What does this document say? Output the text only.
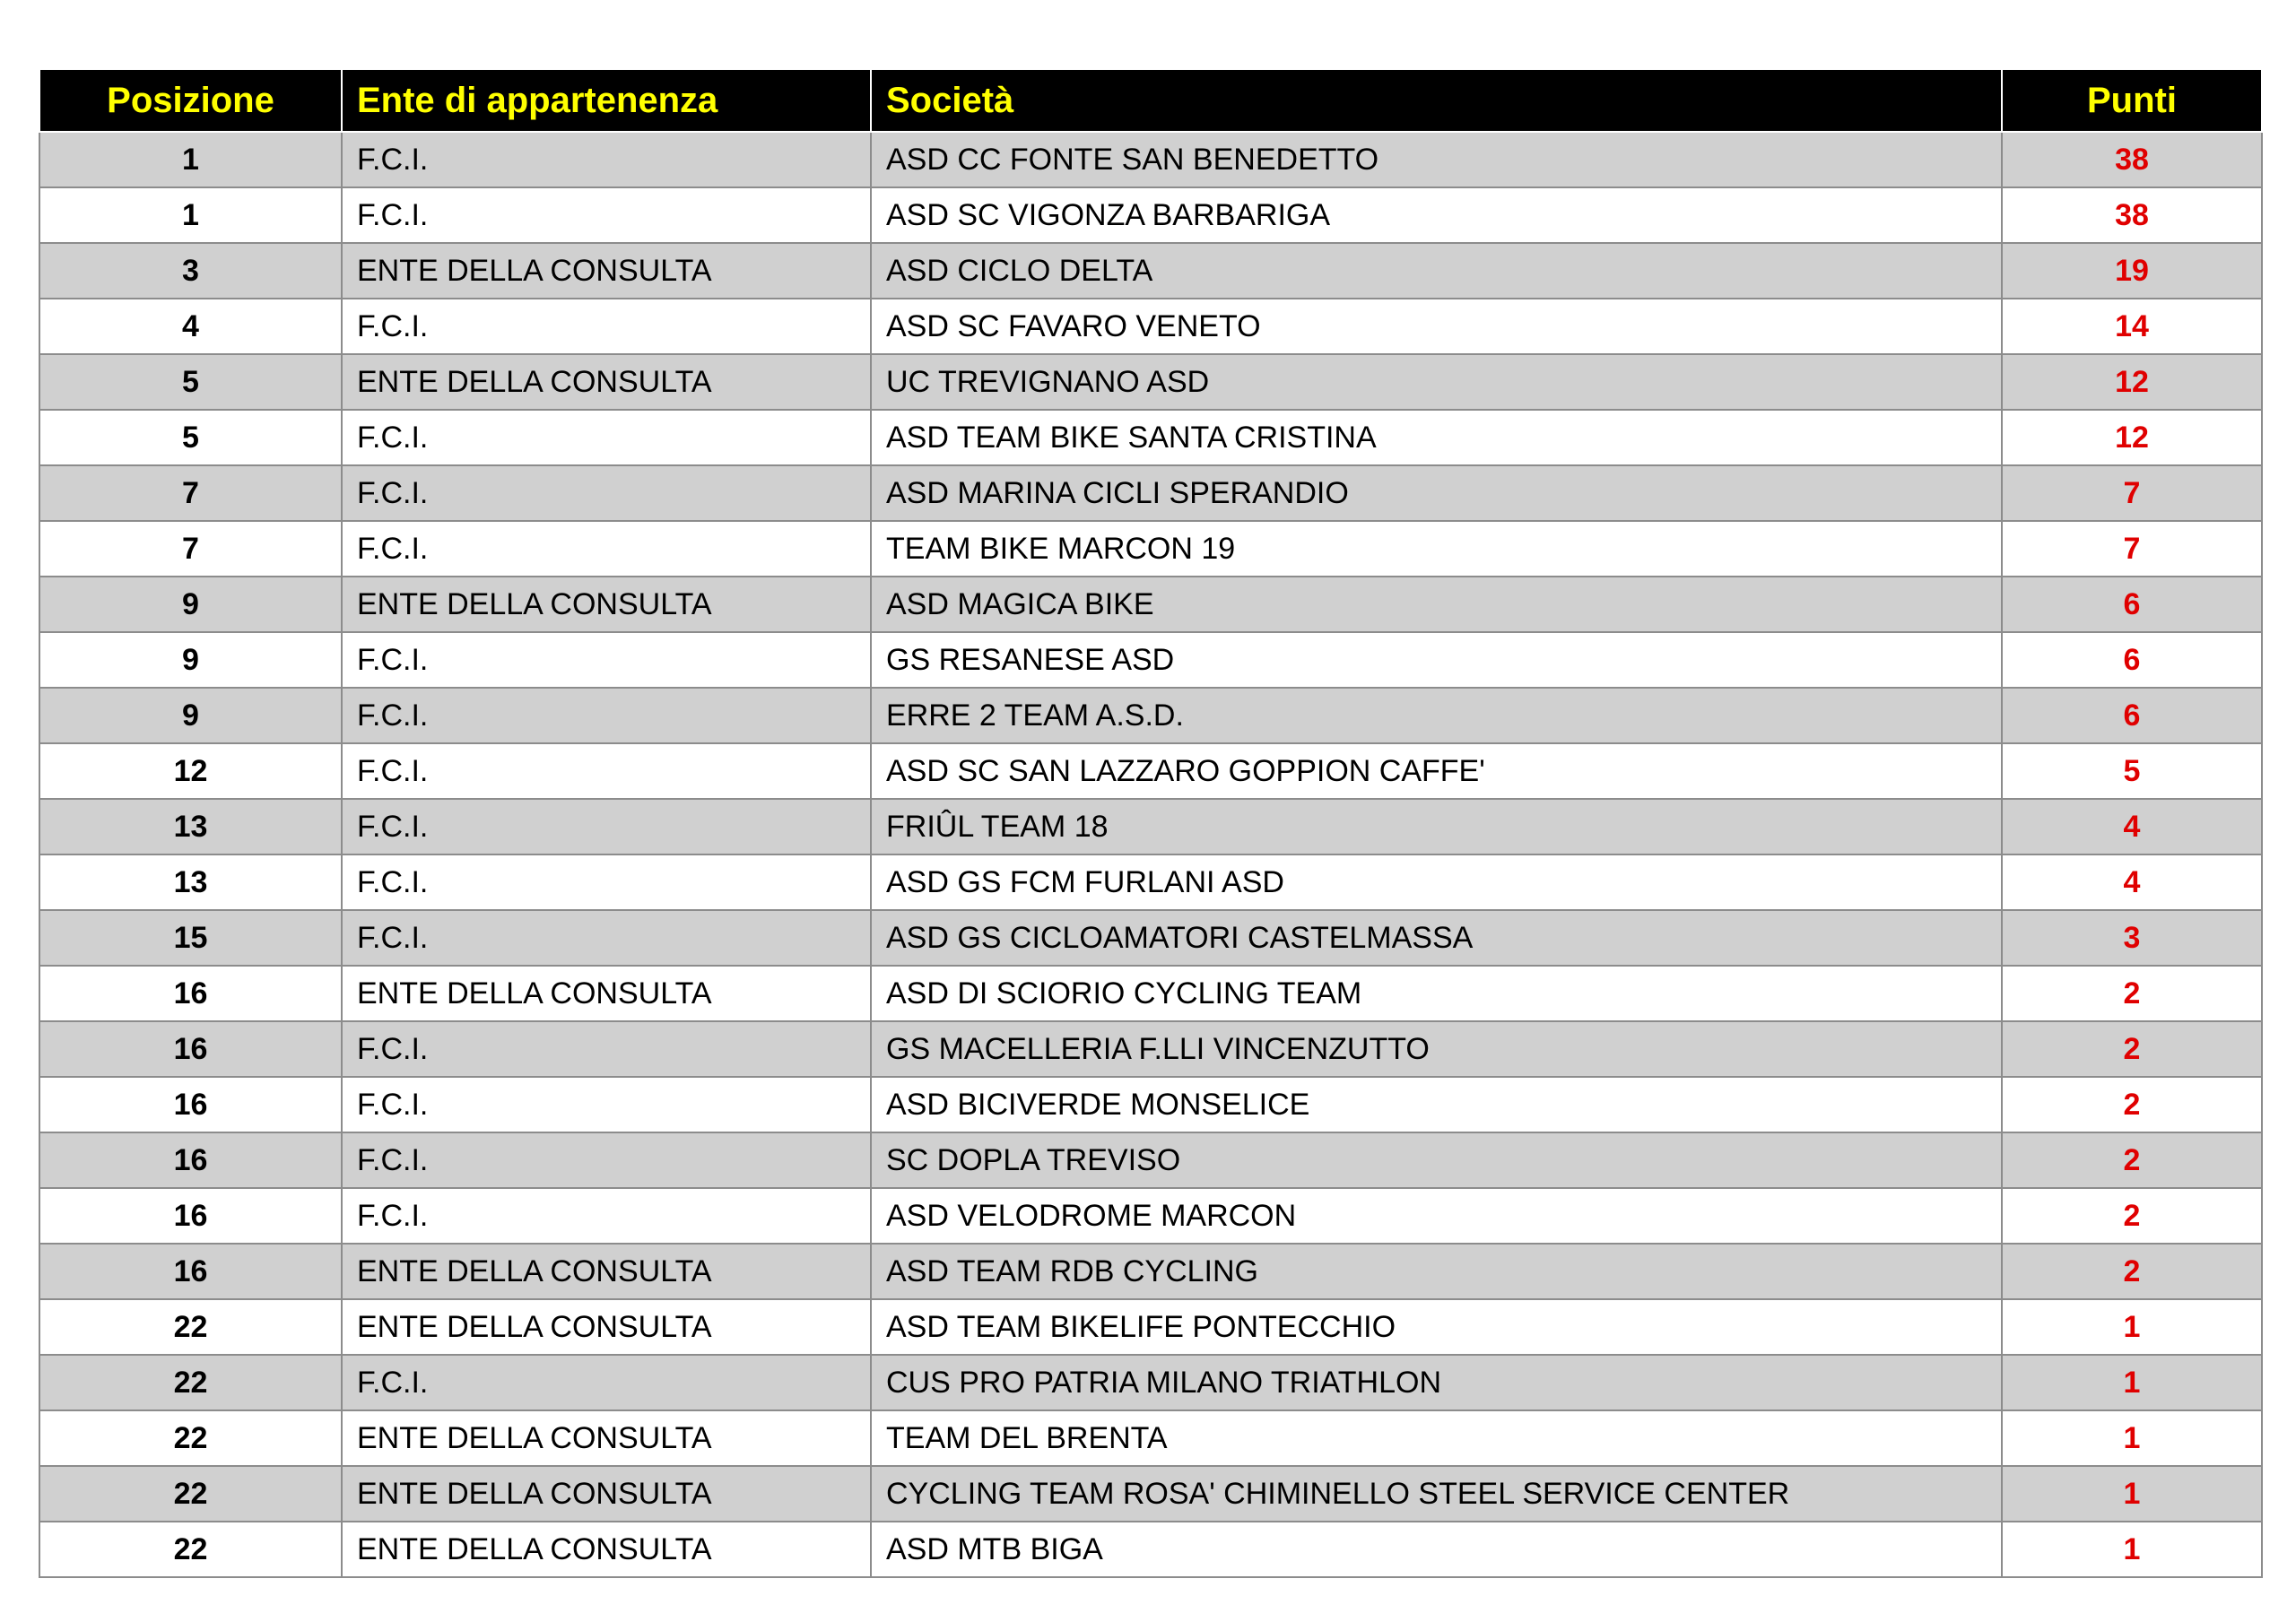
Posizione	Ente di appartenenza	Società	Punti
1	F.C.I.	ASD CC FONTE SAN BENEDETTO	38
1	F.C.I.	ASD SC VIGONZA BARBARIGA	38
3	ENTE DELLA CONSULTA	ASD CICLO DELTA	19
4	F.C.I.	ASD SC FAVARO VENETO	14
5	ENTE DELLA CONSULTA	UC TREVIGNANO ASD	12
5	F.C.I.	ASD TEAM BIKE SANTA CRISTINA	12
7	F.C.I.	ASD MARINA CICLI SPERANDIO	7
7	F.C.I.	TEAM BIKE MARCON 19	7
9	ENTE DELLA CONSULTA	ASD MAGICA BIKE	6
9	F.C.I.	GS RESANESE ASD	6
9	F.C.I.	ERRE 2 TEAM A.S.D.	6
12	F.C.I.	ASD SC SAN LAZZARO GOPPION CAFFE'	5
13	F.C.I.	FRIÛL TEAM 18	4
13	F.C.I.	ASD GS FCM FURLANI ASD	4
15	F.C.I.	ASD GS CICLOAMATORI CASTELMASSA	3
16	ENTE DELLA CONSULTA	ASD DI SCIORIO CYCLING TEAM	2
16	F.C.I.	GS MACELLERIA F.LLI VINCENZUTTO	2
16	F.C.I.	ASD BICIVERDE MONSELICE	2
16	F.C.I.	SC DOPLA TREVISO	2
16	F.C.I.	ASD VELODROME MARCON	2
16	ENTE DELLA CONSULTA	ASD TEAM RDB CYCLING	2
22	ENTE DELLA CONSULTA	ASD TEAM BIKELIFE PONTECCHIO	1
22	F.C.I.	CUS PRO PATRIA MILANO TRIATHLON	1
22	ENTE DELLA CONSULTA	TEAM DEL BRENTA	1
22	ENTE DELLA CONSULTA	CYCLING TEAM ROSA' CHIMINELLO STEEL SERVICE CENTER	1
22	ENTE DELLA CONSULTA	ASD MTB BIGA	1
